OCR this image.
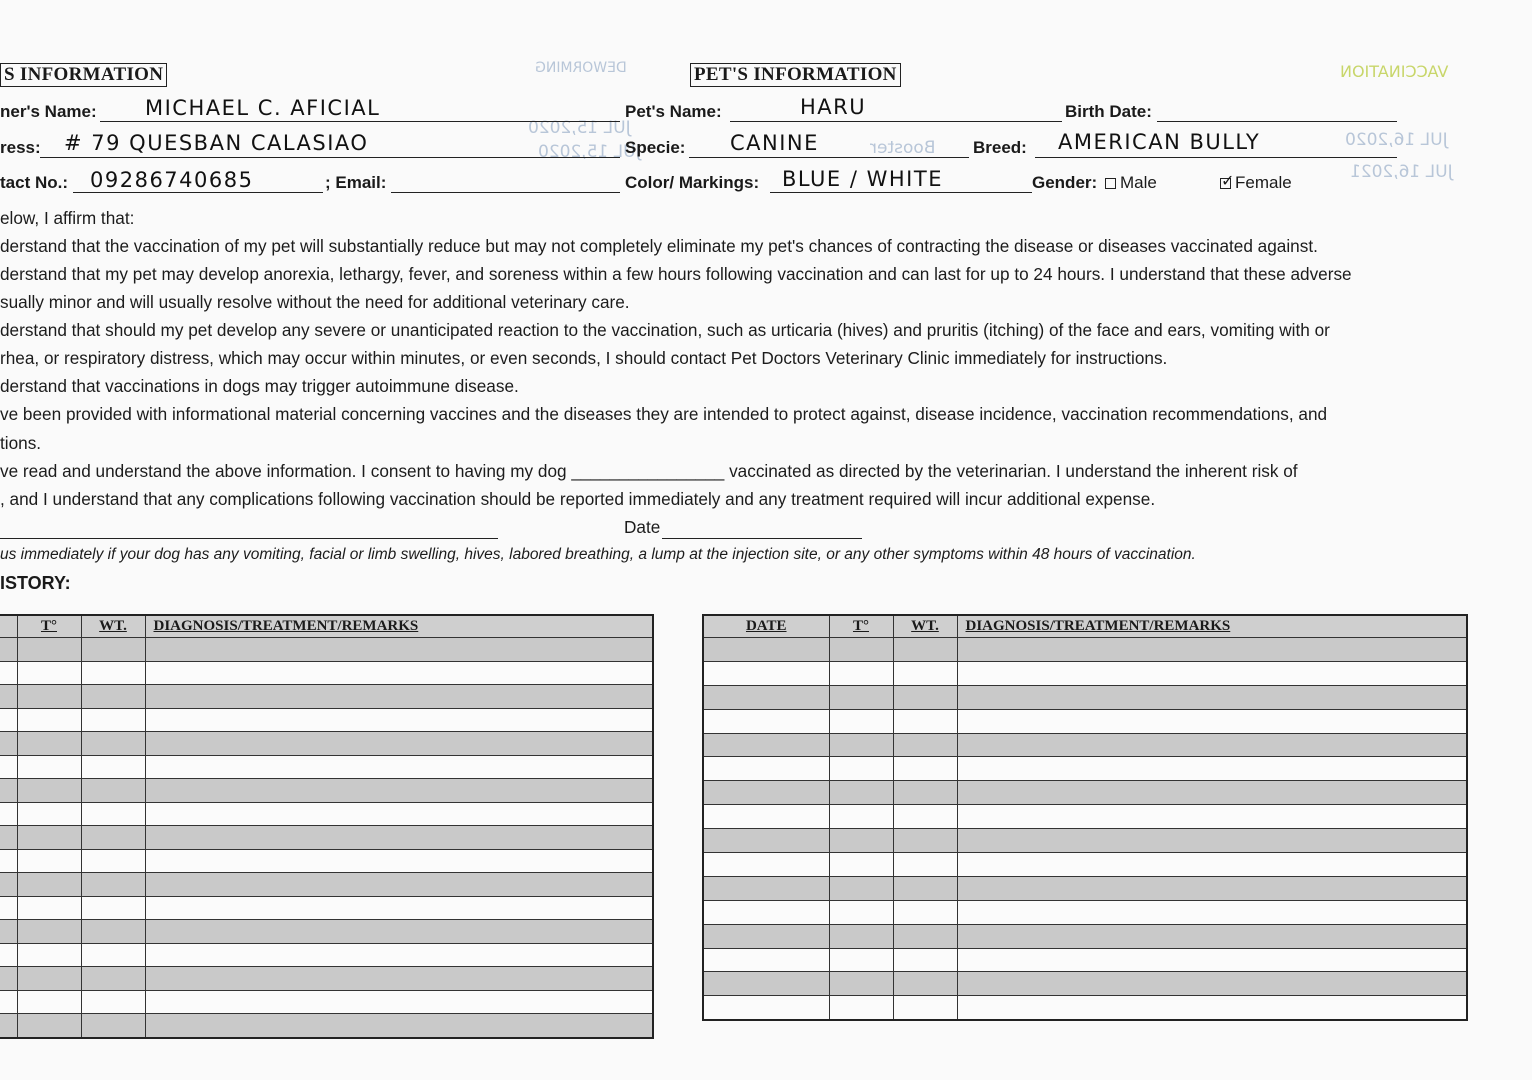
DEWORMING	VACCINATION
JUL 15,2020
JUL 15,2020
JUL 16,2020
JUL 16,2021
Booster
S INFORMATION	PET'S INFORMATION
ner's Name: MICHAEL C. AFICIAL
ress: # 79 QUESBAN CALASIAO
tact No.: 09286740685	; Email:
Pet's Name:	HARU	Birth Date:
Specie: CANINE	Breed: AMERICAN BULLY
Color/ Markings: BLUE / WHITE	Gender:	Male	✓ Female
elow, I affirm that:
derstand that the vaccination of my pet will substantially reduce but may not completely eliminate my pet's chances of contracting the disease or diseases vaccinated against.
derstand that my pet may develop anorexia, lethargy, fever, and soreness within a few hours following vaccination and can last for up to 24 hours. I understand that these adverse
sually minor and will usually resolve without the need for additional veterinary care.
derstand that should my pet develop any severe or unanticipated reaction to the vaccination, such as urticaria (hives) and pruritis (itching) of the face and ears, vomiting with or
rhea, or respiratory distress, which may occur within minutes, or even seconds, I should contact Pet Doctors Veterinary Clinic immediately for instructions.
derstand that vaccinations in dogs may trigger autoimmune disease.
ve been provided with informational material concerning vaccines and the diseases they are intended to protect against, disease incidence, vaccination recommendations, and
tions.
ve read and understand the above information. I consent to having my dog ________________ vaccinated as directed by the veterinarian. I understand the inherent risk of
, and I understand that any complications following vaccination should be reported immediately and any treatment required will incur additional expense.
Date
us immediately if your dog has any vomiting, facial or limb swelling, hives, labored breathing, a lump at the injection site, or any other symptoms within 48 hours of vaccination.
ISTORY:
	T°	WT.	DIAGNOSIS/TREATMENT/REMARKS

				DATE	T°	WT.	DIAGNOSIS/TREATMENT/REMARKS
